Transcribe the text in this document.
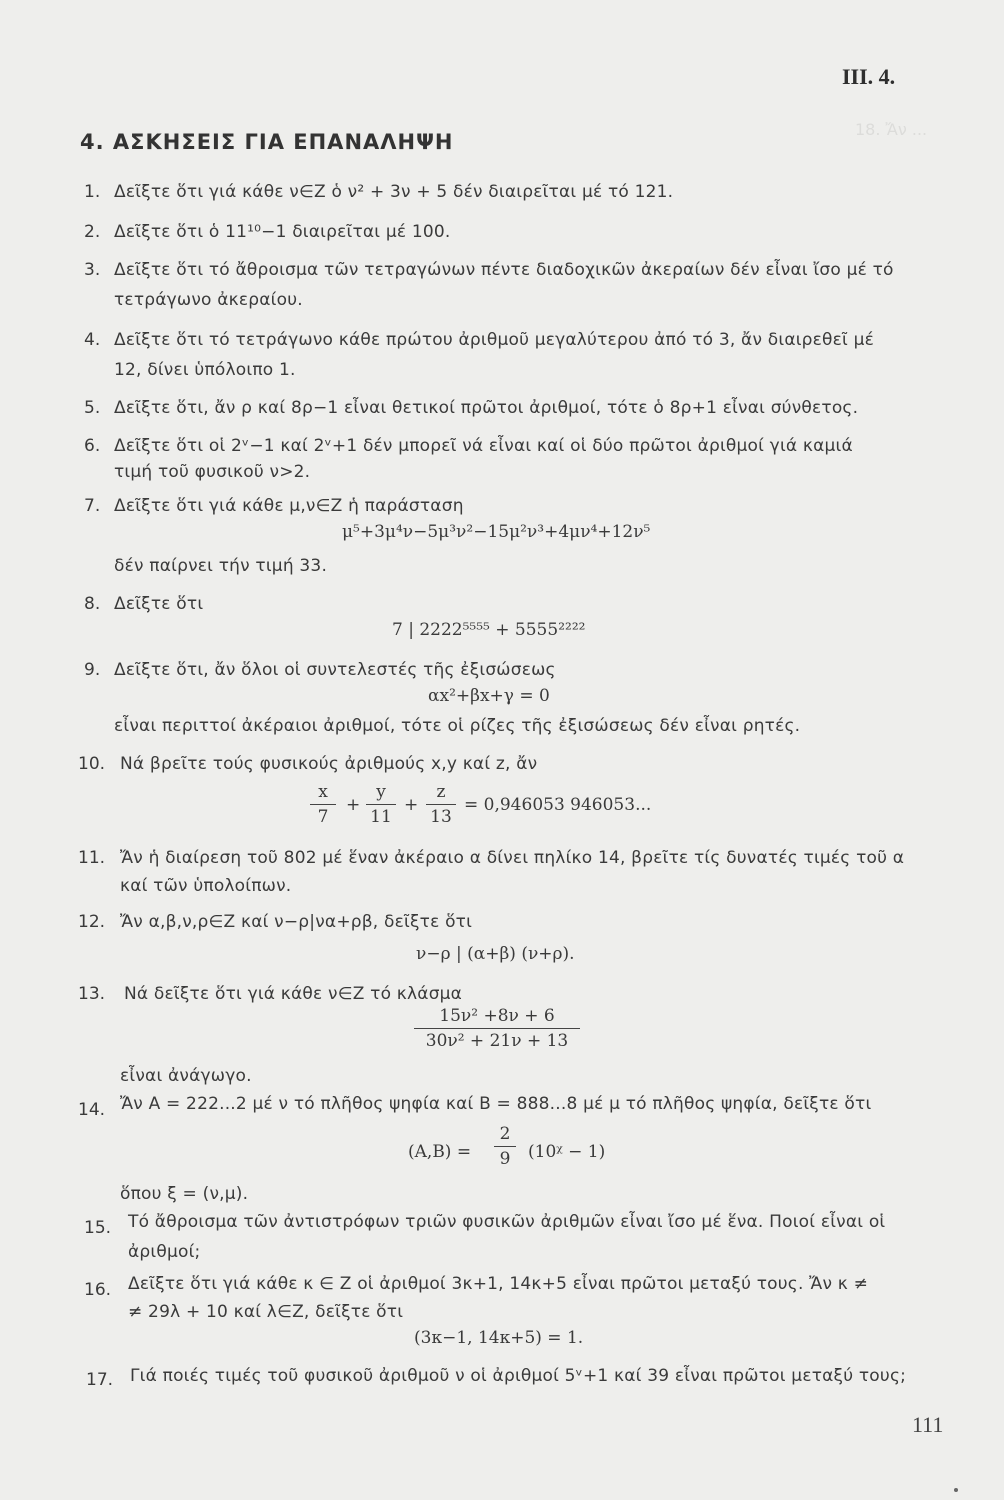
18. Ἄν ...
III. 4.
4. ΑΣΚΗΣΕΙΣ ΓΙΑ ΕΠΑΝΑΛΗΨΗ
1. Δεῖξτε ὅτι γιά κάθε ν∈Z ὁ ν² + 3ν + 5 δέν διαιρεῖται μέ τό 121.
2. Δεῖξτε ὅτι ὁ 11¹⁰−1 διαιρεῖται μέ 100.
3. Δεῖξτε ὅτι τό ἄθροισμα τῶν τετραγώνων πέντε διαδοχικῶν ἀκεραίων δέν εἶναι ἴσο μέ τό
τετράγωνο ἀκεραίου.
4. Δεῖξτε ὅτι τό τετράγωνο κάθε πρώτου ἀριθμοῦ μεγαλύτερου ἀπό τό 3, ἄν διαιρεθεῖ μέ
12, δίνει ὑπόλοιπο 1.
5. Δεῖξτε ὅτι, ἄν ρ καί 8ρ−1 εἶναι θετικοί πρῶτοι ἀριθμοί, τότε ὁ 8ρ+1 εἶναι σύνθετος.
6. Δεῖξτε ὅτι οἱ 2ᵛ−1 καί 2ᵛ+1 δέν μπορεῖ νά εἶναι καί οἱ δύο πρῶτοι ἀριθμοί γιά καμιά
τιμή τοῦ φυσικοῦ ν>2.
7. Δεῖξτε ὅτι γιά κάθε μ,ν∈Z ἡ παράσταση
μ⁵+3μ⁴ν−5μ³ν²−15μ²ν³+4μν⁴+12ν⁵
δέν παίρνει τήν τιμή 33.
8. Δεῖξτε ὅτι
7 | 2222⁵⁵⁵⁵ + 5555²²²²
9. Δεῖξτε ὅτι, ἄν ὅλοι οἱ συντελεστές τῆς ἐξισώσεως
αx²+βx+γ = 0
εἶναι περιττοί ἀκέραιοι ἀριθμοί, τότε οἱ ρίζες τῆς ἐξισώσεως δέν εἶναι ρητές.
10. Νά βρεῖτε τούς φυσικούς ἀριθμούς x,y καί z, ἄν
x
7
+
y
11
+
z
13
= 0,946053 946053...
11. Ἄν ἡ διαίρεση τοῦ 802 μέ ἕναν ἀκέραιο α δίνει πηλίκο 14, βρεῖτε τίς δυνατές τιμές τοῦ α
καί τῶν ὑπολοίπων.
12. Ἄν α,β,ν,ρ∈Z καί ν−ρ|να+ρβ, δεῖξτε ὅτι
ν−ρ | (α+β) (ν+ρ).
13. Νά δεῖξτε ὅτι γιά κάθε ν∈Z τό κλάσμα
15ν² +8ν + 6
30ν² + 21ν + 13
εἶναι ἀνάγωγο.
14. Ἄν A = 222...2 μέ ν τό πλῆθος ψηφία καί B = 888...8 μέ μ τό πλῆθος ψηφία, δεῖξτε ὅτι
(A,B) =
2
9	(10ᵡ − 1)
ὅπου ξ = (ν,μ).
15. Τό ἄθροισμα τῶν ἀντιστρόφων τριῶν φυσικῶν ἀριθμῶν εἶναι ἴσο μέ ἕνα. Ποιοί εἶναι οἱ
ἀριθμοί;
16. Δεῖξτε ὅτι γιά κάθε κ ∈ Z οἱ ἀριθμοί 3κ+1, 14κ+5 εἶναι πρῶτοι μεταξύ τους. Ἄν κ ≠
≠ 29λ + 10 καί λ∈Z, δεῖξτε ὅτι
(3κ−1, 14κ+5) = 1.
17. Γιά ποιές τιμές τοῦ φυσικοῦ ἀριθμοῦ ν οἱ ἀριθμοί 5ᵛ+1 καί 39 εἶναι πρῶτοι μεταξύ τους;
111
